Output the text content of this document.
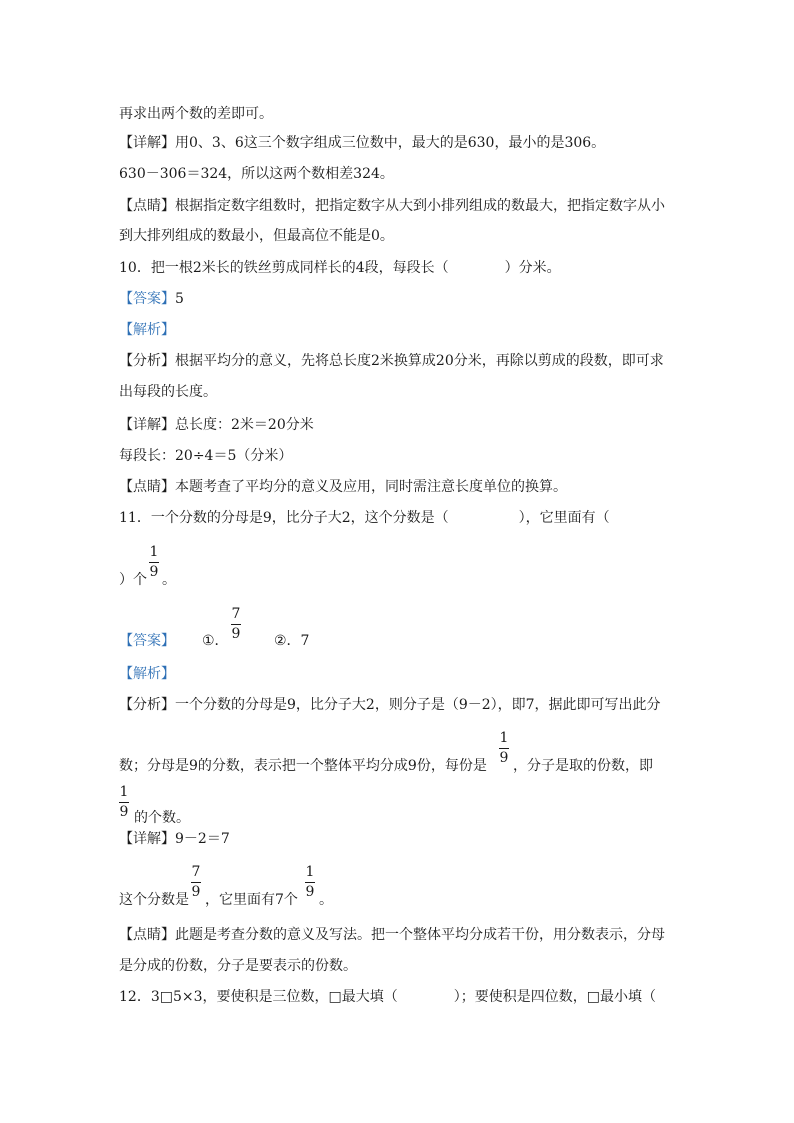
再求出两个数的差即可。
【详解】用0、3、6这三个数字组成三位数中，最大的是630，最小的是306。
630－306＝324，所以这两个数相差324。
【点睛】根据指定数字组数时，把指定数字从大到小排列组成的数最大，把指定数字从小
到大排列组成的数最小，但最高位不能是0。
10．把一根2米长的铁丝剪成同样长的4段，每段长（　　　　）分米。
【答案】5
【解析】
【分析】根据平均分的意义，先将总长度2米换算成20分米，再除以剪成的段数，即可求
出每段的长度。
【详解】总长度：2米＝20分米
每段长：20÷4＝5（分米）
【点睛】本题考查了平均分的意义及应用，同时需注意长度单位的换算。
11．一个分数的分母是9，比分子大2，这个分数是（　　　　　），它里面有（
）个
1
9 。
【答案】 ①．
7
9 ②．7
【解析】
【分析】一个分数的分母是9，比分子大2，则分子是（9－2），即7，据此即可写出此分
数；分母是9的分数，表示把一个整体平均分成9份，每份是
1
9 ，分子是取的份数，即
1
9 的个数。
【详解】9－2＝7
这个分数是
7
9 ，它里面有7个
1
9 。
【点睛】此题是考查分数的意义及写法。把一个整体平均分成若干份，用分数表示，分母
是分成的份数，分子是要表示的份数。
12．3□5×3，要使积是三位数，□最大填（　　　　）；要使积是四位数，□最小填（
